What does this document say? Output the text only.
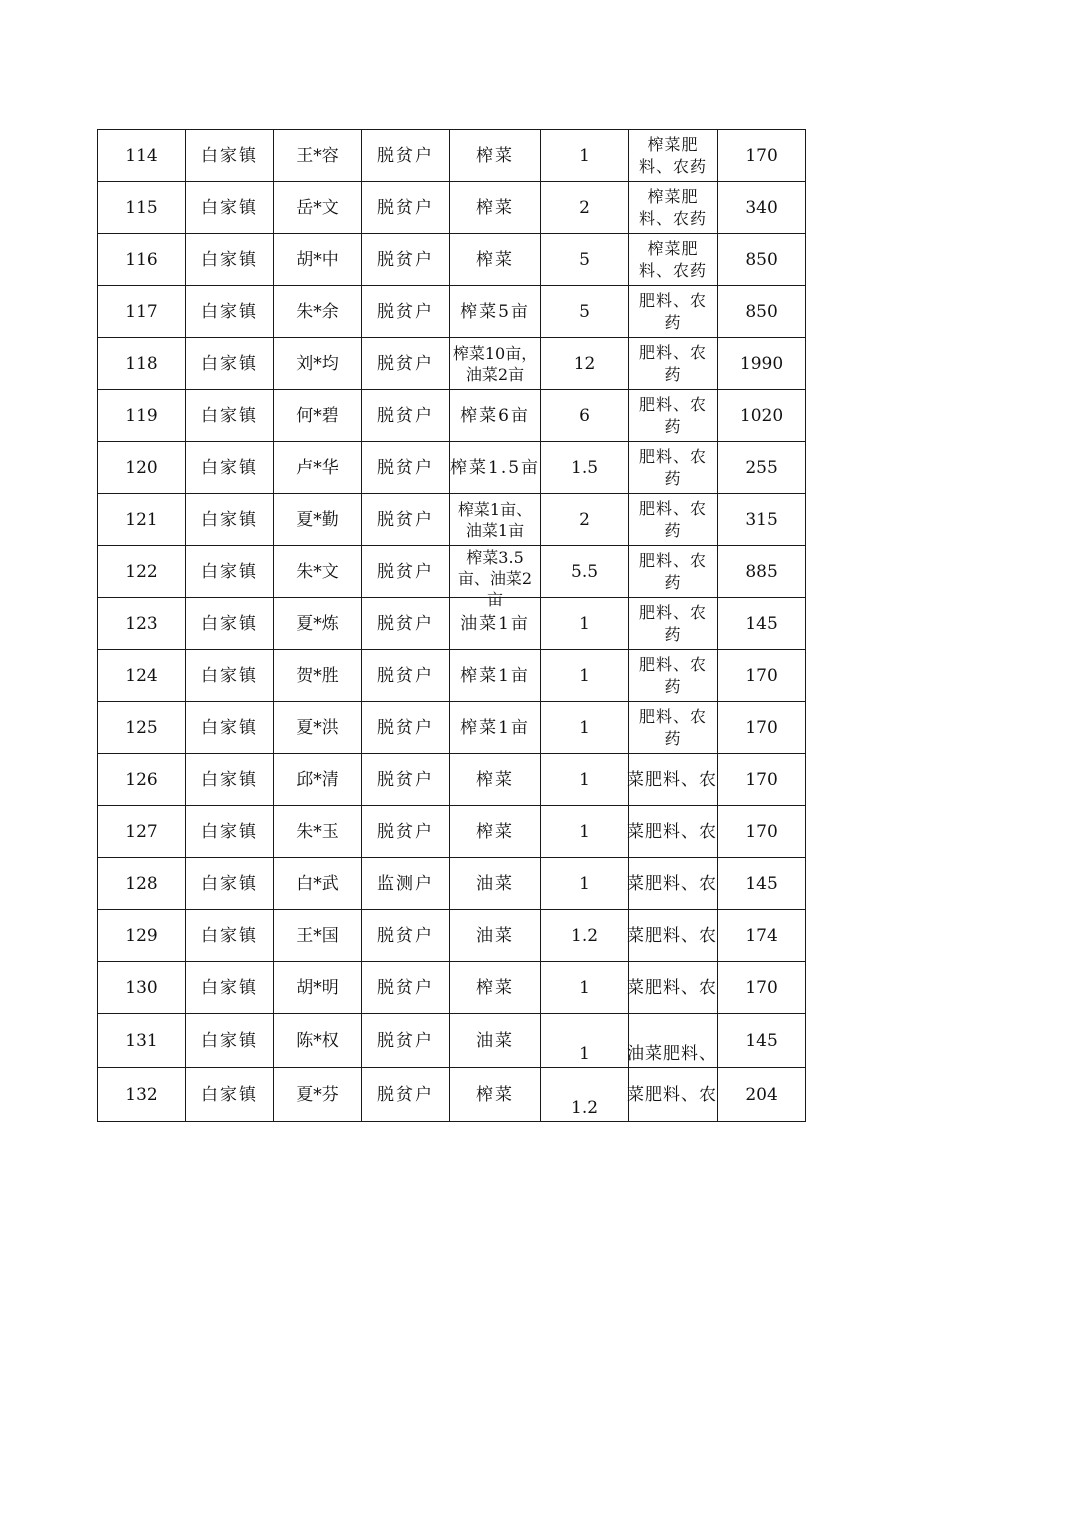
114	白家镇	王*容	脱贫户	榨菜	1	榨菜肥料、农药	170
115	白家镇	岳*文	脱贫户	榨菜	2	榨菜肥料、农药	340
116	白家镇	胡*中	脱贫户	榨菜	5	榨菜肥料、农药	850
117	白家镇	朱*余	脱贫户	榨菜5亩	5	肥料、农药	850
118	白家镇	刘*均	脱贫户	榨菜10亩，油菜2亩	12	肥料、农药	1990
119	白家镇	何*碧	脱贫户	榨菜6亩	6	肥料、农药	1020
120	白家镇	卢*华	脱贫户	榨菜1.5亩	1.5	肥料、农药	255
121	白家镇	夏*勤	脱贫户	榨菜1亩、油菜1亩	2	肥料、农药	315
122	白家镇	朱*文	脱贫户	榨菜3.5亩、油菜2亩	5.5	肥料、农药	885
123	白家镇	夏*炼	脱贫户	油菜1亩	1	肥料、农药	145
124	白家镇	贺*胜	脱贫户	榨菜1亩	1	肥料、农药	170
125	白家镇	夏*洪	脱贫户	榨菜1亩	1	肥料、农药	170
126	白家镇	邱*清	脱贫户	榨菜	1	菜肥料、农	170
127	白家镇	朱*玉	脱贫户	榨菜	1	菜肥料、农	170
128	白家镇	白*武	监测户	油菜	1	菜肥料、农	145
129	白家镇	王*国	脱贫户	油菜	1.2	菜肥料、农	174
130	白家镇	胡*明	脱贫户	榨菜	1	菜肥料、农	170
131	白家镇	陈*权	脱贫户	油菜	1	油菜肥料、	145
132	白家镇	夏*芬	脱贫户	榨菜	1.2	菜肥料、农	204
